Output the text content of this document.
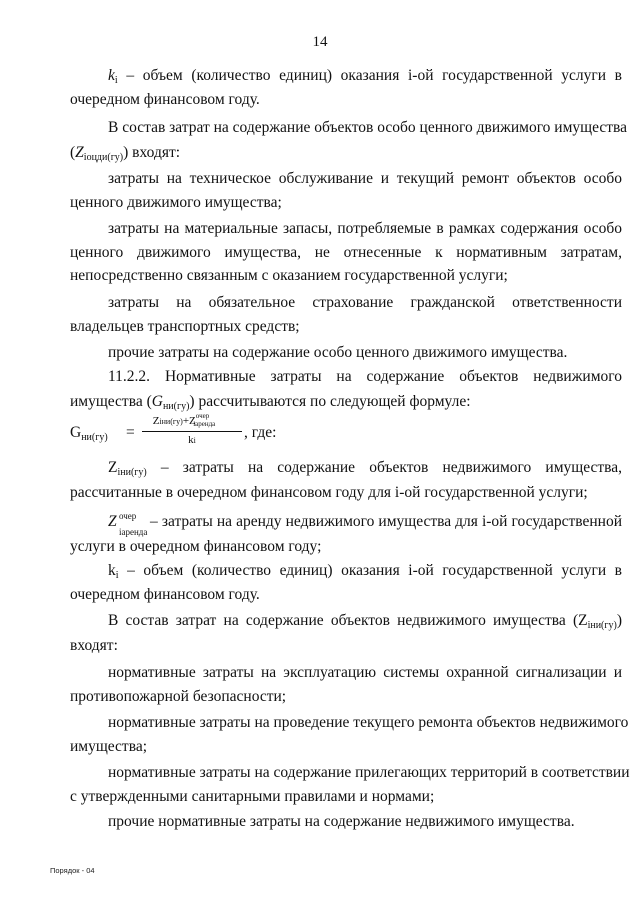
14
$k_i$ – объем (количество единиц) оказания i-ой государственной услуги в
очередном финансовом году.
В состав затрат на содержание объектов особо ценного движимого имущества
$(Z_{iоцди(гу)})$ входят:
затраты на техническое обслуживание и текущий ремонт объектов особо
ценного движимого имущества;
затраты на материальные запасы, потребляемые в рамках содержания особо
ценного движимого имущества, не отнесенные к нормативным затратам,
непосредственно связанным с оказанием государственной услуги;
затраты на обязательное страхование гражданской ответственности
владельцев транспортных средств;
прочие затраты на содержание особо ценного движимого имущества.
11.2.2. Нормативные затраты на содержание объектов недвижимого
имущества $(G_{ни(гу)})$ рассчитываются по следующей формуле:
$G_{ни(гу)}$ =
$Ziни(гу)+Z^{очер}iаренда$
ki	, где:
$Z_{iни(гу)}$ – затраты на содержание объектов недвижимого имущества,
рассчитанные в очередном финансовом году для i-ой государственной услуги;
Z очер
iаренда
– затраты на аренду недвижимого имущества для i-ой государственной
услуги в очередном финансовом году;
$k_i$ – объем (количество единиц) оказания i-ой государственной услуги в
очередном финансовом году.
В состав затрат на содержание объектов недвижимого имущества $(Z_{iни(гу)})$
входят:
нормативные затраты на эксплуатацию системы охранной сигнализации и
противопожарной безопасности;
нормативные затраты на проведение текущего ремонта объектов недвижимого
имущества;
нормативные затраты на содержание прилегающих территорий в соответствии
с утвержденными санитарными правилами и нормами;
прочие нормативные затраты на содержание недвижимого имущества.
Порядок - 04
